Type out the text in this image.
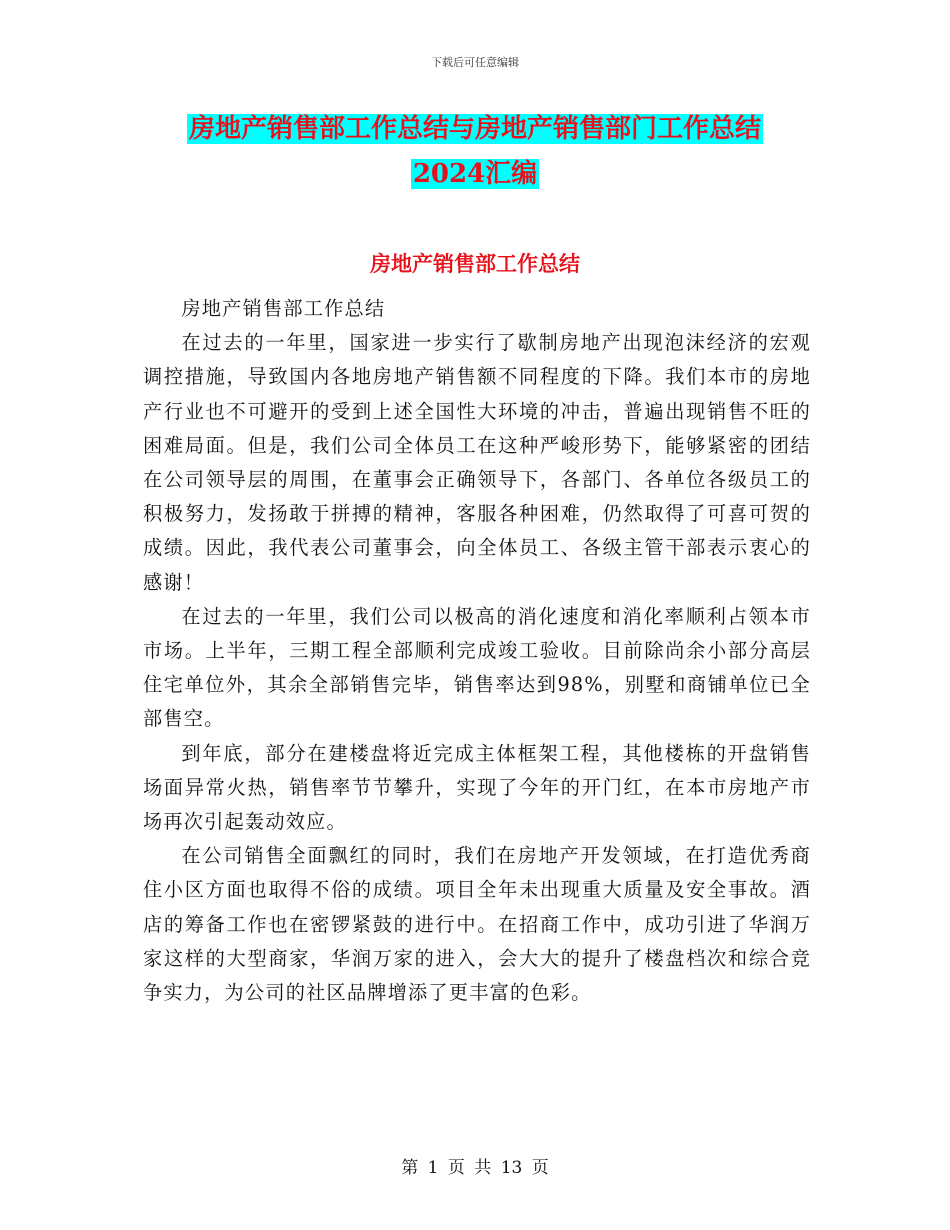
下载后可任意编辑
房地产销售部工作总结与房地产销售部门工作总结
2024汇编
房地产销售部工作总结

房地产销售部工作总结

在过去的一年里，国家进一步实行了歇制房地产出现泡沫经济的宏观调控措施，导致国内各地房地产销售额不同程度的下降。我们本市的房地产行业也不可避开的受到上述全国性大环境的冲击，普遍出现销售不旺的困难局面。但是，我们公司全体员工在这种严峻形势下，能够紧密的团结在公司领导层的周围，在董事会正确领导下，各部门、各单位各级员工的积极努力，发扬敢于拼搏的精神，客服各种困难，仍然取得了可喜可贺的成绩。因此，我代表公司董事会，向全体员工、各级主管干部表示衷心的感谢！

在过去的一年里，我们公司以极高的消化速度和消化率顺利占领本市市场。上半年，三期工程全部顺利完成竣工验收。目前除尚余小部分高层住宅单位外，其余全部销售完毕，销售率达到98%，别墅和商铺单位已全部售空。

到年底，部分在建楼盘将近完成主体框架工程，其他楼栋的开盘销售场面异常火热，销售率节节攀升，实现了今年的开门红，在本市房地产市场再次引起轰动效应。

在公司销售全面飘红的同时，我们在房地产开发领域，在打造优秀商住小区方面也取得不俗的成绩。项目全年未出现重大质量及安全事故。酒店的筹备工作也在密锣紧鼓的进行中。在招商工作中，成功引进了华润万家这样的大型商家，华润万家的进入，会大大的提升了楼盘档次和综合竞争实力，为公司的社区品牌增添了更丰富的色彩。

第 1 页 共 13 页
